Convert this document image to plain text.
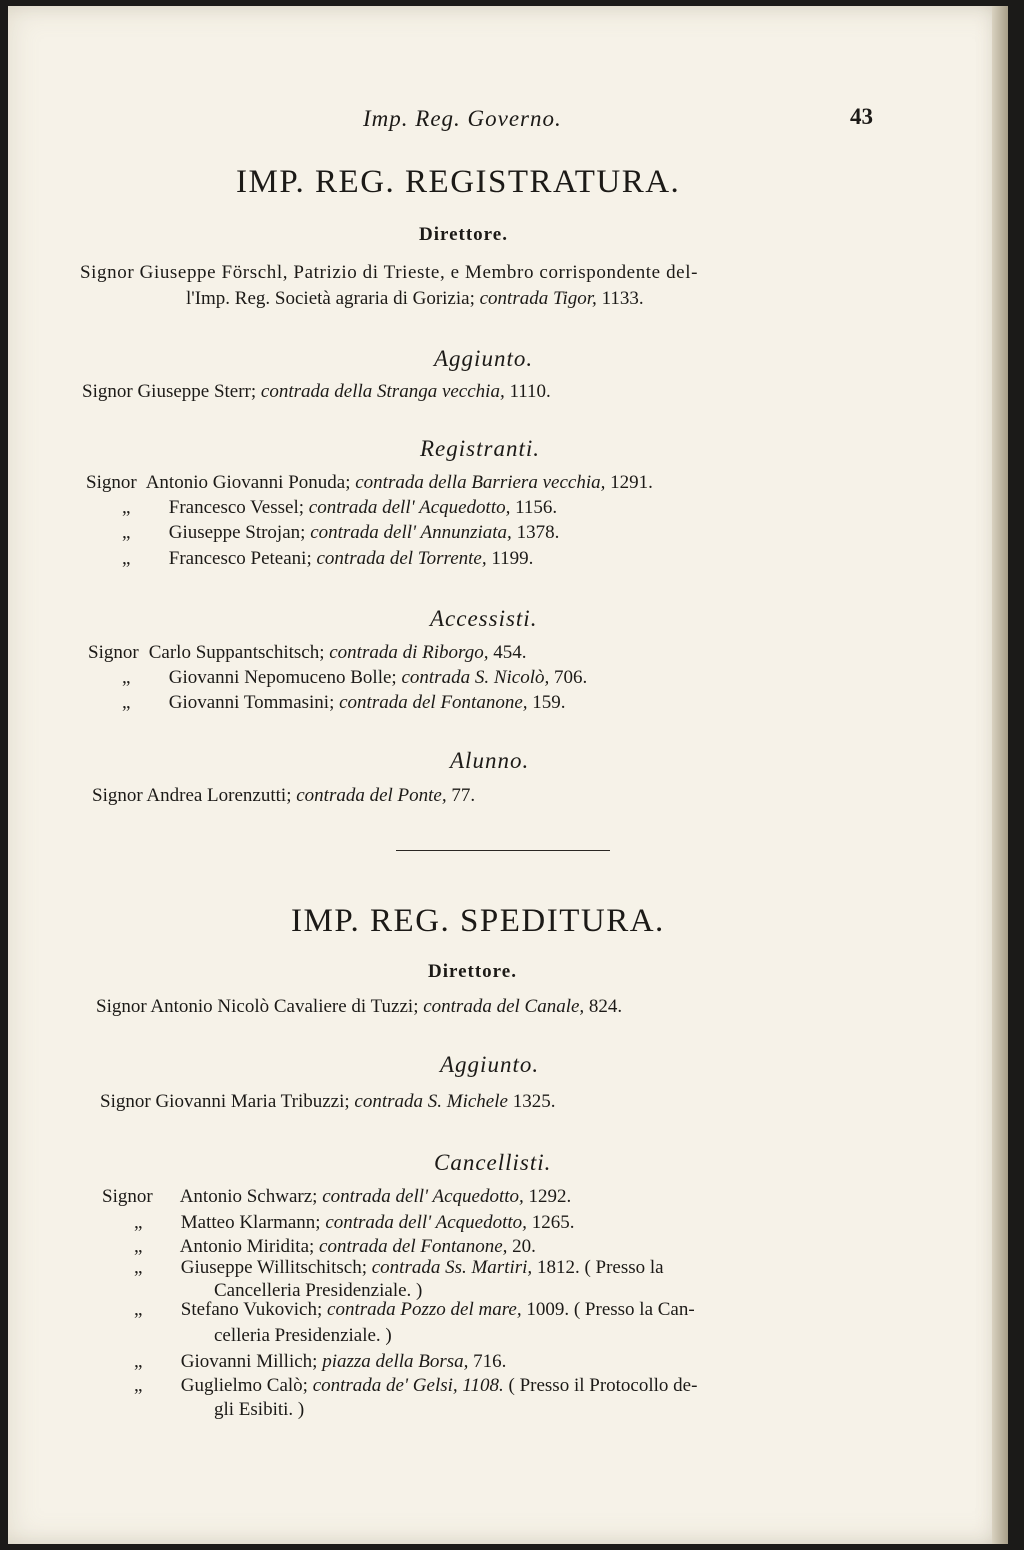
Imp. Reg. Governo.	43
IMP. REG. REGISTRATURA.
Direttore.
Signor Giuseppe Förschl, Patrizio di Trieste, e Membro corrispondente del-
l'Imp. Reg. Società agraria di Gorizia; contrada Tigor, 1133.
Aggiunto.
Signor Giuseppe Sterr; contrada della Stranga vecchia, 1110.
Registranti.
Signor Antonio Giovanni Ponuda; contrada della Barriera vecchia, 1291.
„ Francesco Vessel; contrada dell' Acquedotto, 1156.
„ Giuseppe Strojan; contrada dell' Annunziata, 1378.
„ Francesco Peteani; contrada del Torrente, 1199.
Accessisti.
Signor Carlo Suppantschitsch; contrada di Riborgo, 454.
„ Giovanni Nepomuceno Bolle; contrada S. Nicolò, 706.
„ Giovanni Tommasini; contrada del Fontanone, 159.
Alunno.
Signor Andrea Lorenzutti; contrada del Ponte, 77.
IMP. REG. SPEDITURA.
Direttore.
Signor Antonio Nicolò Cavaliere di Tuzzi; contrada del Canale, 824.
Aggiunto.
Signor Giovanni Maria Tribuzzi; contrada S. Michele 1325.
Cancellisti.
Signor Antonio Schwarz; contrada dell' Acquedotto, 1292.
„ Matteo Klarmann; contrada dell' Acquedotto, 1265.
„ Antonio Miridita; contrada del Fontanone, 20.
„ Giuseppe Willitschitsch; contrada Ss. Martiri, 1812. ( Presso la
Cancelleria Presidenziale. )
„ Stefano Vukovich; contrada Pozzo del mare, 1009. ( Presso la Can-
celleria Presidenziale. )
„ Giovanni Millich; piazza della Borsa, 716.
„ Guglielmo Calò; contrada de' Gelsi, 1108. ( Presso il Protocollo de-
gli Esibiti. )
